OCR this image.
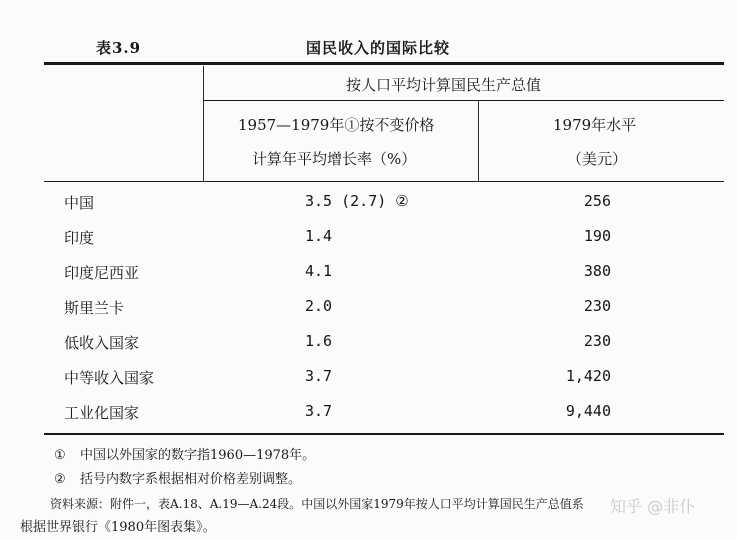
表3.9	国民收入的国际比较
按人口平均计算国民生产总值
1957—1979年①按不变价格
计算年平均增长率（%）
1979年水平
（美元）
中国	3.5 (2.7) ②	256
印度	1.4	190
印度尼西亚	4.1	380
斯里兰卡	2.0	230
低收入国家	1.6	230
中等收入国家	3.7	1,420
工业化国家	3.7	9,440
① 中国以外国家的数字指1960—1978年。
② 括号内数字系根据相对价格差别调整。
资料来源：附件一，表A.18、A.19—A.24段。中国以外国家1979年按人口平均计算国民生产总值系
根据世界银行《1980年图表集》。
知乎 @非仆
